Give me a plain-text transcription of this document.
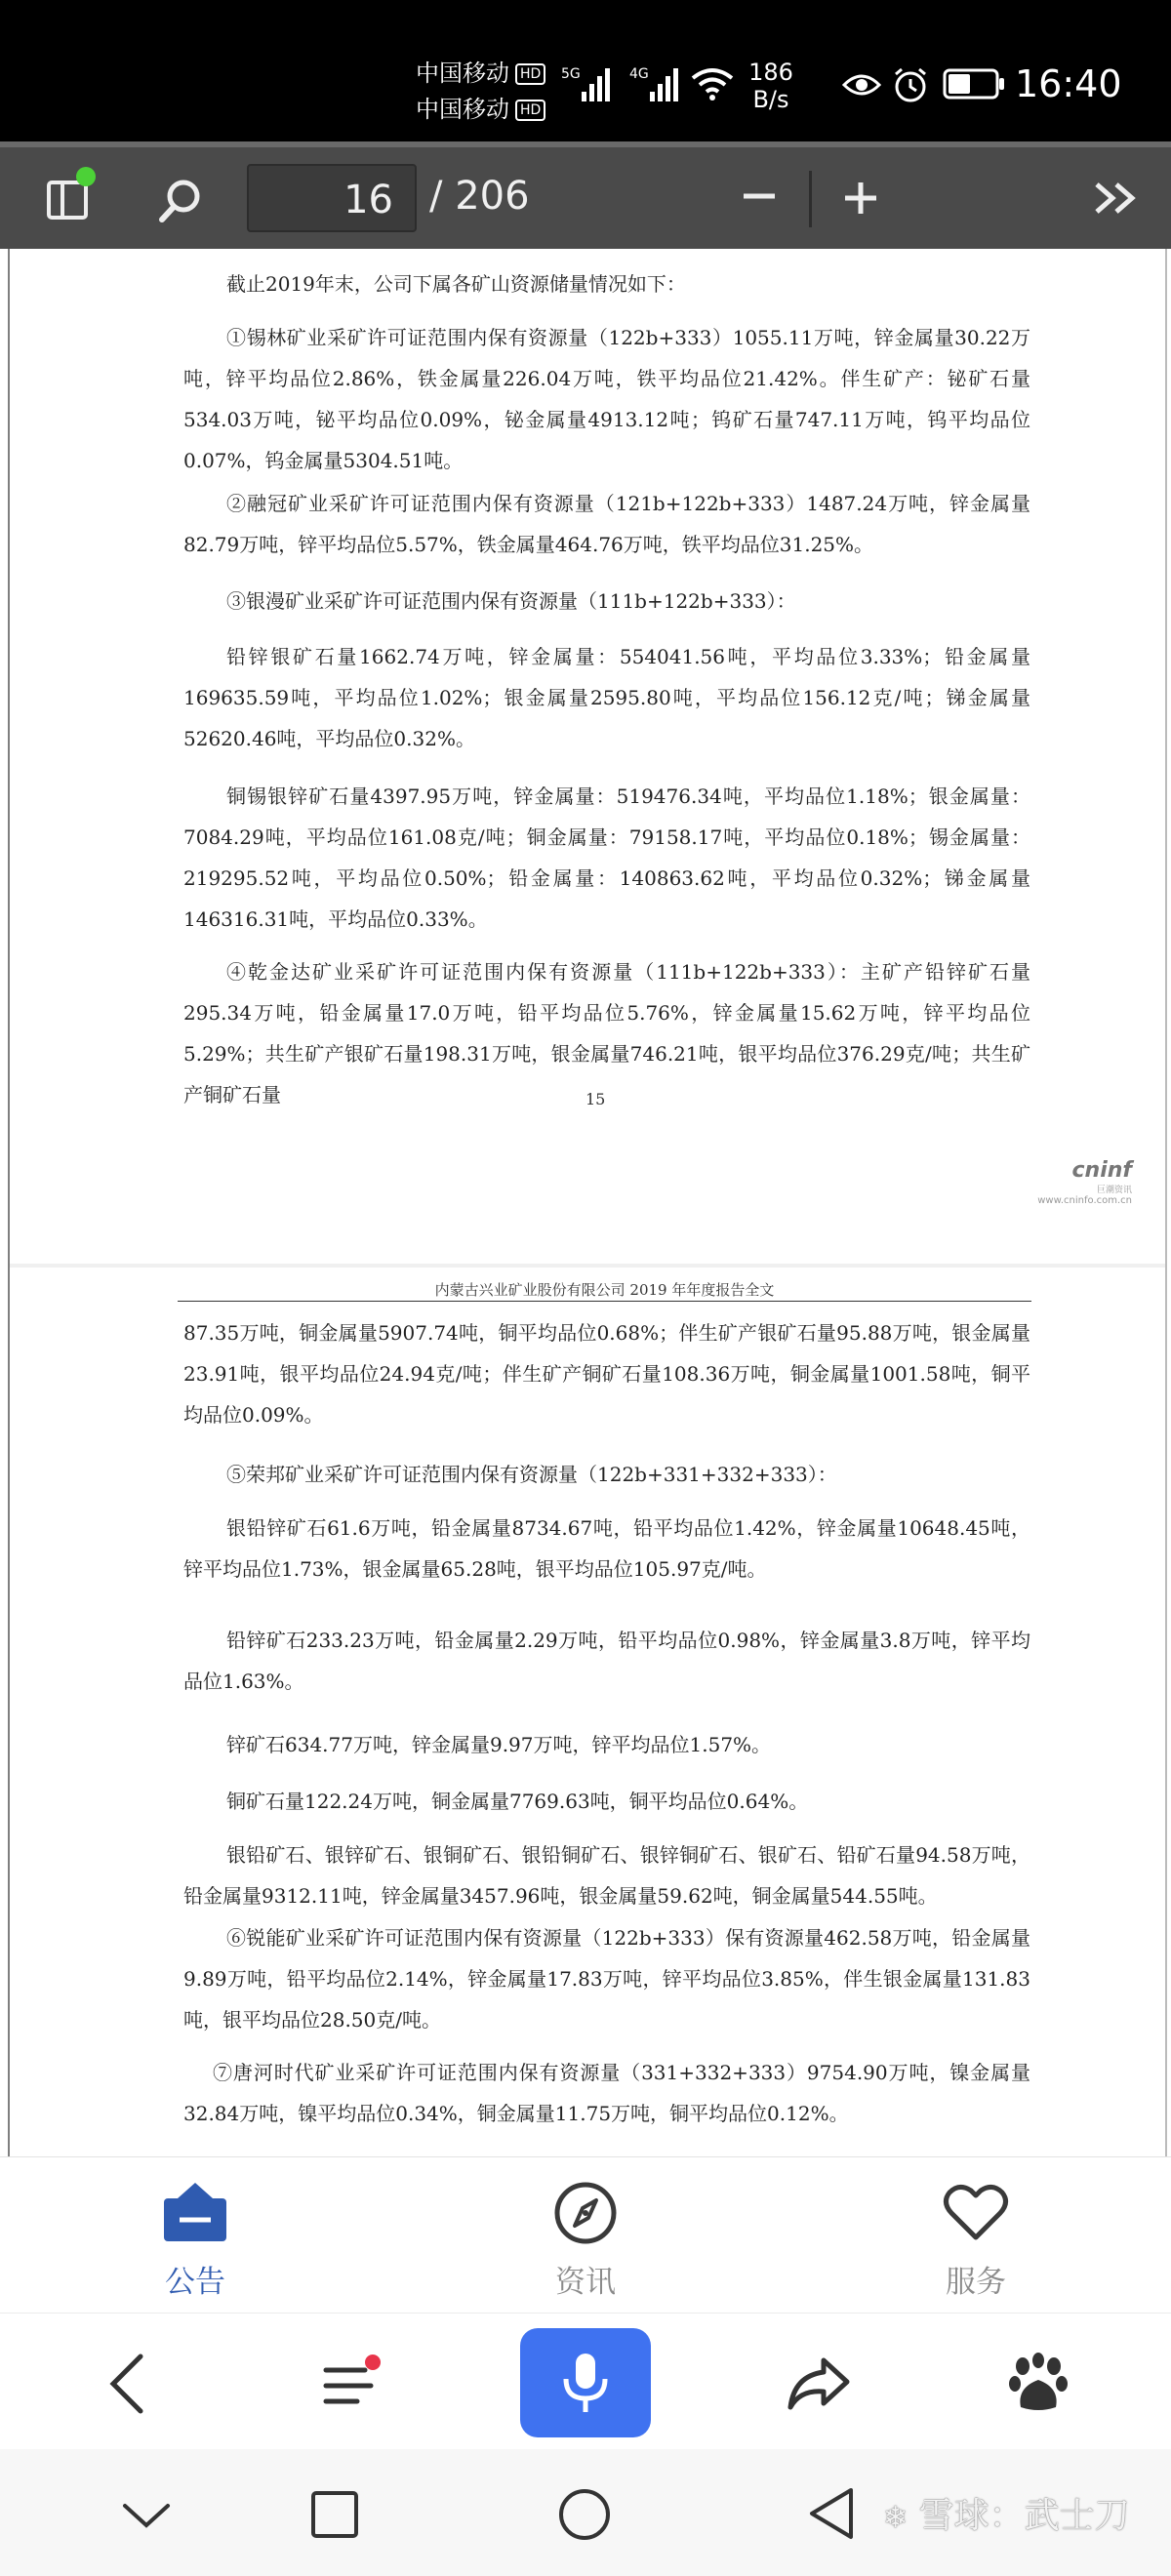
中国移动 HD
中国移动 HD
5G	4G	186
B/s	16:40
16 / 206
截止2019年末，公司下属各矿山资源储量情况如下：
①锡林矿业采矿许可证范围内保有资源量（122b+333）1055.11万吨，锌金属量30.22万吨，锌平均品位2.86%，铁金属量226.04万吨，铁平均品位21.42%。伴生矿产：铋矿石量534.03万吨，铋平均品位0.09%，铋金属量4913.12吨；钨矿石量747.11万吨，钨平均品位0.07%，钨金属量5304.51吨。
②融冠矿业采矿许可证范围内保有资源量（121b+122b+333）1487.24万吨，锌金属量82.79万吨，锌平均品位5.57%，铁金属量464.76万吨，铁平均品位31.25%。
③银漫矿业采矿许可证范围内保有资源量（111b+122b+333）：
铅锌银矿石量1662.74万吨，锌金属量：554041.56吨，平均品位3.33%；铅金属量169635.59吨，平均品位1.02%；银金属量2595.80吨，平均品位156.12克/吨；锑金属量52620.46吨，平均品位0.32%。
铜锡银锌矿石量4397.95万吨，锌金属量：519476.34吨，平均品位1.18%；银金属量：7084.29吨，平均品位161.08克/吨；铜金属量：79158.17吨，平均品位0.18%；锡金属量：219295.52吨，平均品位0.50%；铅金属量：140863.62吨，平均品位0.32%；锑金属量146316.31吨，平均品位0.33%。
④乾金达矿业采矿许可证范围内保有资源量（111b+122b+333）：主矿产铅锌矿石量295.34万吨，铅金属量17.0万吨，铅平均品位5.76%，锌金属量15.62万吨，锌平均品位5.29%；共生矿产银矿石量198.31万吨，银金属量746.21吨，银平均品位376.29克/吨；共生矿产铜矿石量	15
cninf
巨潮资讯
www.cninfo.com.cn
内蒙古兴业矿业股份有限公司 2019 年年度报告全文
87.35万吨，铜金属量5907.74吨，铜平均品位0.68%；伴生矿产银矿石量95.88万吨，银金属量23.91吨，银平均品位24.94克/吨；伴生矿产铜矿石量108.36万吨，铜金属量1001.58吨，铜平均品位0.09%。
⑤荣邦矿业采矿许可证范围内保有资源量（122b+331+332+333）：
银铅锌矿石61.6万吨，铅金属量8734.67吨，铅平均品位1.42%，锌金属量10648.45吨，锌平均品位1.73%，银金属量65.28吨，银平均品位105.97克/吨。
铅锌矿石233.23万吨，铅金属量2.29万吨，铅平均品位0.98%，锌金属量3.8万吨，锌平均品位1.63%。
锌矿石634.77万吨，锌金属量9.97万吨，锌平均品位1.57%。
铜矿石量122.24万吨，铜金属量7769.63吨，铜平均品位0.64%。
银铅矿石、银锌矿石、银铜矿石、银铅铜矿石、银锌铜矿石、银矿石、铅矿石量94.58万吨，铅金属量9312.11吨，锌金属量3457.96吨，银金属量59.62吨，铜金属量544.55吨。
⑥锐能矿业采矿许可证范围内保有资源量（122b+333）保有资源量462.58万吨，铅金属量9.89万吨，铅平均品位2.14%，锌金属量17.83万吨，锌平均品位3.85%，伴生银金属量131.83吨，银平均品位28.50克/吨。
⑦唐河时代矿业采矿许可证范围内保有资源量（331+332+333）9754.90万吨，镍金属量32.84万吨，镍平均品位0.34%，铜金属量11.75万吨，铜平均品位0.12%。
公告	资讯	服务
❄ 雪球：武士刀
